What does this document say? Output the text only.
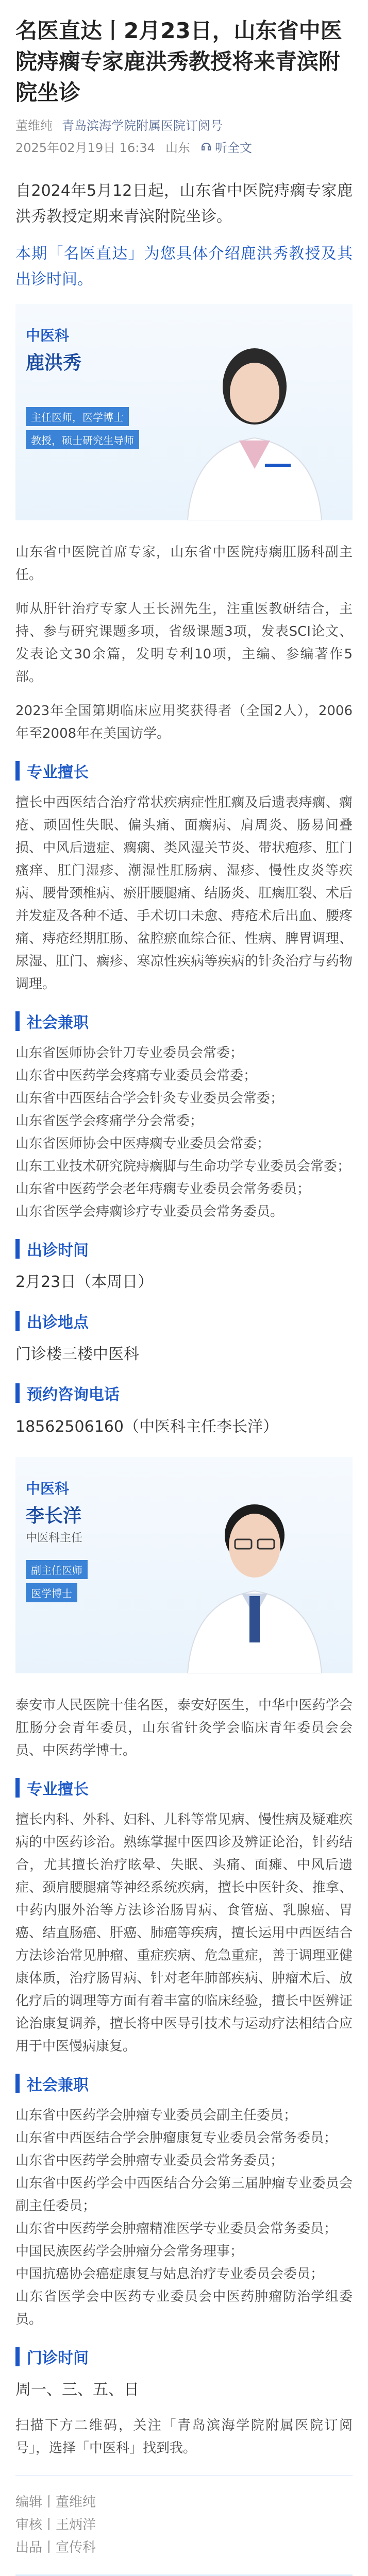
名医直达丨2月23日，山东省中医院痔瘸专家鹿洪秀教授将来青滨附院坐诊
董维纯 青岛滨海学院附属医院订阅号
2025年02月19日 16:34 山东 听全文

自2024年5月12日起，山东省中医院痔瘸专家鹿洪秀教授定期来青滨附院坐诊。

本期「名医直达」为您具体介绍鹿洪秀教授及其出诊时间。

中医科
鹿洪秀
主任医师，医学博士
教授，硕士研究生导师

山东省中医院首席专家，山东省中医院痔瘸肛肠科副主任。

师从肝针治疗专家人王长洲先生，注重医教研结合，主持、参与研究课题多项，省级课题3项，发表SCI论文、发表论文30余篇，发明专利10项，主编、参编著作5部。

2023年全国第期临床应用奖获得者（全国2人），2006年至2008年在美国访学。

专业擅长

擅长中西医结合治疗常状疾病症性肛瘸及后遗表痔瘸、瘸疮、顽固性失眠、偏头痛、面瘸病、肩周炎、肠易间叠损、中风后遗症、瘸瘸、类风湿关节炎、带状疱疹、肛门瘙痒、肛门湿疹、潮湿性肛肠病、湿疹、慢性皮炎等疾病、腰骨颈椎病、瘀肝腰腿痛、结肠炎、肛瘸肛裂、术后并发症及各种不适、手术切口未愈、痔疮术后出血、腰疼痛、痔疮经期肛肠、盆腔瘀血综合征、性病、脾胃调理、尿湿、肛门、瘸疹、寒凉性疾病等疾病的针灸治疗与药物调理。

社会兼职

山东省医师协会针刀专业委员会常委；

山东省中医药学会疼痛专业委员会常委；

山东省中西医结合学会针灸专业委员会常委；

山东省医学会疼痛学分会常委；

山东省医师协会中医痔瘸专业委员会常委；

山东工业技术研究院痔瘸脚与生命功学专业委员会常委；

山东省中医药学会老年痔瘸专业委员会常务委员；

山东省医学会痔瘸诊疗专业委员会常务委员。

出诊时间

2月23日（本周日）

出诊地点

门诊楼三楼中医科

预约咨询电话

18562506160（中医科主任李长洋）

中医科
李长洋
中医科主任
副主任医师
医学博士

泰安市人民医院十佳名医，泰安好医生，中华中医药学会肛肠分会青年委员，山东省针灸学会临床青年委员会会员、中医药学博士。

专业擅长

擅长内科、外科、妇科、儿科等常见病、慢性病及疑难疾病的中医药诊治。熟练掌握中医四诊及辨证论治，针药结合，尤其擅长治疗眩晕、失眠、头痛、面瘫、中风后遗症、颈肩腰腿痛等神经系统疾病，擅长中医针灸、推拿、中药内服外治等方法诊治肠胃病、食管癌、乳腺癌、胃癌、结直肠癌、肝癌、肺癌等疾病，擅长运用中西医结合方法诊治常见肿瘤、重症疾病、危急重症，善于调理亚健康体质，治疗肠胃病、针对老年肺部疾病、肿瘤术后、放化疗后的调理等方面有着丰富的临床经验，擅长中医辨证论治康复调养，擅长将中医导引技术与运动疗法相结合应用于中医慢病康复。

社会兼职

山东省中医药学会肿瘤专业委员会副主任委员；

山东省中西医结合学会肿瘤康复专业委员会常务委员；

山东省中医药学会肿瘤专业委员会常务委员；

山东省中医药学会中西医结合分会第三届肿瘤专业委员会副主任委员；

山东省中医药学会肿瘤精准医学专业委员会常务委员；

中国民族医药学会肿瘤分会常务理事；

中国抗癌协会癌症康复与姑息治疗专业委员会委员；

山东省医学会中医药专业委员会中医药肿瘤防治学组委员。

门诊时间

周一、三、五、日

扫描下方二维码，关注「青岛滨海学院附属医院订阅号」，选择「中医科」找到我。

编辑丨董维纯

审核丨王炳洋

出品丨宣传科
